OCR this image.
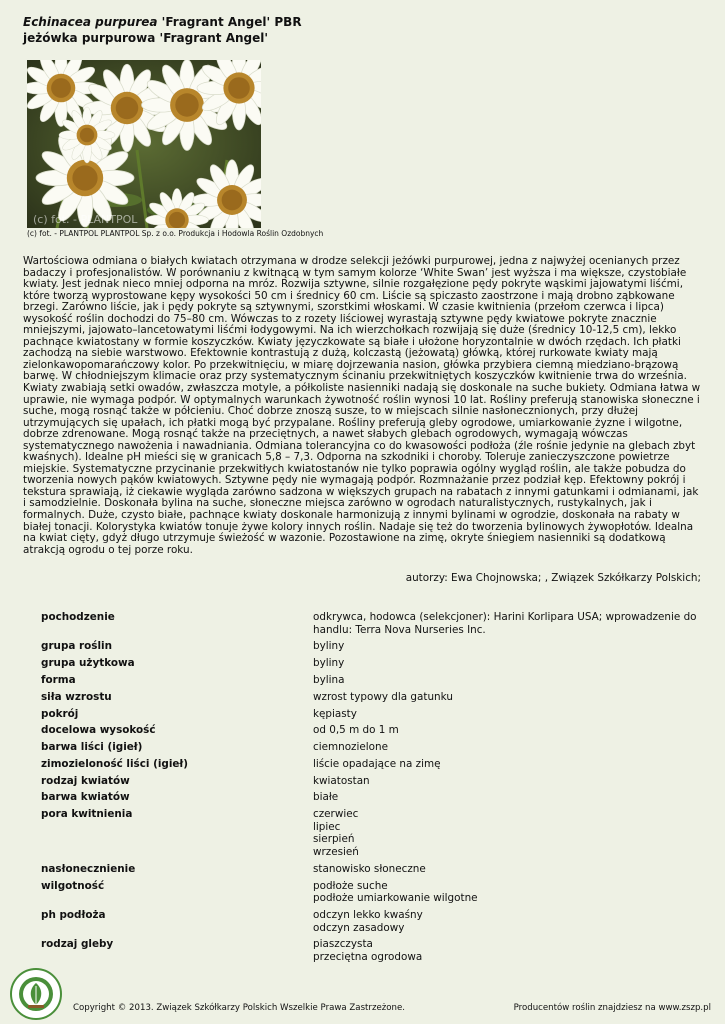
Echinacea purpurea 'Fragrant Angel' PBR
jeżówka purpurowa 'Fragrant Angel'
(c) fot. - PLANTPOL
(c) fot. - PLANTPOL PLANTPOL Sp. z o.o. Produkcja i Hodowla Roślin Ozdobnych

Wartościowa odmiana o białych kwiatach otrzymana w drodze selekcji jeżówki purpurowej, jedna z najwyżej ocenianych przez badaczy i profesjonalistów. W porównaniu z kwitnącą w tym samym kolorze ‘White Swan’ jest wyższa i ma większe, czystobiałe kwiaty. Jest jednak nieco mniej odporna na mróz. Rozwija sztywne, silnie rozgałęzione pędy pokryte wąskimi jajowatymi liśćmi, które tworzą wyprostowane kępy wysokości 50 cm i średnicy 60 cm. Liście są spiczasto zaostrzone i mają drobno ząbkowane brzegi. Zarówno liście, jak i pędy pokryte są sztywnymi, szorstkimi włoskami. W czasie kwitnienia (przełom czerwca i lipca) wysokość roślin dochodzi do 75–80 cm. Wówczas to z rozety liściowej wyrastają sztywne pędy kwiatowe pokryte znacznie mniejszymi, jajowato–lancetowatymi liśćmi łodygowymi. Na ich wierzchołkach rozwijają się duże (średnicy 10-12,5 cm), lekko pachnące kwiatostany w formie koszyczków. Kwiaty języczkowate są białe i ułożone horyzontalnie w dwóch rzędach. Ich płatki zachodzą na siebie warstwowo. Efektownie kontrastują z dużą, kolczastą (jeżowatą) główką, której rurkowate kwiaty mają zielonkawopomarańczowy kolor. Po przekwitnięciu, w miarę dojrzewania nasion, główka przybiera ciemną miedziano-brązową barwę. W chłodniejszym klimacie oraz przy systematycznym ścinaniu przekwitniętych koszyczków kwitnienie trwa do września. Kwiaty zwabiają setki owadów, zwłaszcza motyle, a półkoliste nasienniki nadają się doskonale na suche bukiety. Odmiana łatwa w uprawie, nie wymaga podpór. W optymalnych warunkach żywotność roślin wynosi 10 lat. Rośliny preferują stanowiska słoneczne i suche, mogą rosnąć także w półcieniu. Choć dobrze znoszą susze, to w miejscach silnie nasłonecznionych, przy dłużej utrzymujących się upałach, ich płatki mogą być przypalane. Rośliny preferują gleby ogrodowe, umiarkowanie żyzne i wilgotne, dobrze zdrenowane. Mogą rosnąć także na przeciętnych, a nawet słabych glebach ogrodowych, wymagają wówczas systematycznego nawożenia i nawadniania. Odmiana tolerancyjna co do kwasowości podłoża (źle rośnie jedynie na glebach zbyt kwaśnych). Idealne pH mieści się w granicach 5,8 – 7,3. Odporna na szkodniki i choroby. Toleruje zanieczyszczone powietrze miejskie. Systematyczne przycinanie przekwitłych kwiatostanów nie tylko poprawia ogólny wygląd roślin, ale także pobudza do tworzenia nowych pąków kwiatowych. Sztywne pędy nie wymagają podpór. Rozmnażanie przez podział kęp. Efektowny pokrój i tekstura sprawiają, iż ciekawie wygląda zarówno sadzona w większych grupach na rabatach z innymi gatunkami i odmianami, jak i samodzielnie. Doskonała bylina na suche, słoneczne miejsca zarówno w ogrodach naturalistycznych, rustykalnych, jak i formalnych. Duże, czysto białe, pachnące kwiaty doskonale harmonizują z innymi bylinami w ogrodzie, doskonała na rabaty w białej tonacji. Kolorystyka kwiatów tonuje żywe kolory innych roślin. Nadaje się też do tworzenia bylinowych żywopłotów. Idealna na kwiat cięty, gdyż długo utrzymuje świeżość w wazonie. Pozostawione na zimę, okryte śniegiem nasienniki są dodatkową atrakcją ogrodu o tej porze roku.

autorzy: Ewa Chojnowska; , Związek Szkółkarzy Polskich;
pochodzenie	odkrywca, hodowca (selekcjoner): Harini Korlipara USA; wprowadzenie do handlu: Terra Nova Nurseries Inc.
grupa roślin	byliny
grupa użytkowa	byliny
forma	bylina
siła wzrostu	wzrost typowy dla gatunku
pokrój	kępiasty
docelowa wysokość	od 0,5 m do 1 m
barwa liści (igieł)	ciemnozielone
zimozieloność liści (igieł)	liście opadające na zimę
rodzaj kwiatów	kwiatostan
barwa kwiatów	białe
pora kwitnienia	czerwiec
lipiec
sierpień
wrzesień
nasłonecznienie	stanowisko słoneczne
wilgotność	podłoże suche
podłoże umiarkowanie wilgotne
ph podłoża	odczyn lekko kwaśny
odczyn zasadowy
rodzaj gleby	piaszczysta
przeciętna ogrodowa
Copyright © 2013. Związek Szkółkarzy Polskich Wszelkie Prawa Zastrzeżone.	Producentów roślin znajdziesz na www.zszp.pl
